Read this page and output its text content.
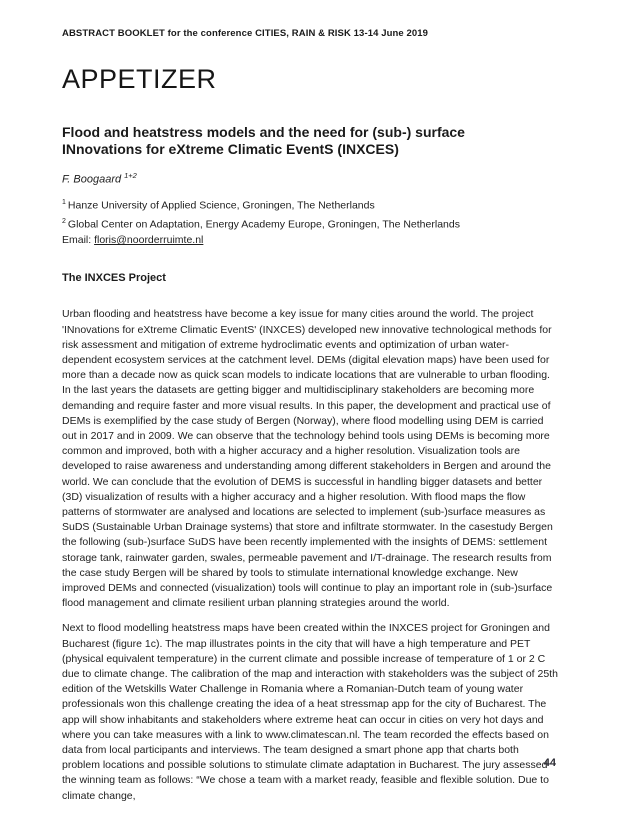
ABSTRACT BOOKLET for the conference CITIES, RAIN & RISK 13-14 June 2019
APPETIZER
Flood and heatstress models and the need for (sub-) surface INnovations for eXtreme Climatic EventS (INXCES)

F. Boogaard $^{1+2}$

$^1$ Hanze University of Applied Science, Groningen, The Netherlands

$^2$ Global Center on Adaptation, Energy Academy Europe, Groningen, The Netherlands

Email: floris@noorderruimte.nl

The INXCES Project

Urban flooding and heatstress have become a key issue for many cities around the world. The project 'INnovations for eXtreme Climatic EventS' (INXCES) developed new innovative technological methods for risk assessment and mitigation of extreme hydroclimatic events and optimization of urban water-dependent ecosystem services at the catchment level. DEMs (digital elevation maps) have been used for more than a decade now as quick scan models to indicate locations that are vulnerable to urban flooding. In the last years the datasets are getting bigger and multidisciplinary stakeholders are becoming more demanding and require faster and more visual results. In this paper, the development and practical use of DEMs is exemplified by the case study of Bergen (Norway), where flood modelling using DEM is carried out in 2017 and in 2009. We can observe that the technology behind tools using DEMs is becoming more common and improved, both with a higher accuracy and a higher resolution. Visualization tools are developed to raise awareness and understanding among different stakeholders in Bergen and around the world. We can conclude that the evolution of DEMS is successful in handling bigger datasets and better (3D) visualization of results with a higher accuracy and a higher resolution. With flood maps the flow patterns of stormwater are analysed and locations are selected to implement (sub-)surface measures as SuDS (Sustainable Urban Drainage systems) that store and infiltrate stormwater. In the casestudy Bergen the following (sub-)surface SuDS have been recently implemented with the insights of DEMS: settlement storage tank, rainwater garden, swales, permeable pavement and I/T-drainage. The research results from the case study Bergen will be shared by tools to stimulate international knowledge exchange. New improved DEMs and connected (visualization) tools will continue to play an important role in (sub-)surface flood management and climate resilient urban planning strategies around the world.

Next to flood modelling heatstress maps have been created within the INXCES project for Groningen and Bucharest (figure 1c). The map illustrates points in the city that will have a high temperature and PET (physical equivalent temperature) in the current climate and possible increase of temperature of 1 or 2 C due to climate change. The calibration of the map and interaction with stakeholders was the subject of 25th edition of the Wetskills Water Challenge in Romania where a Romanian-Dutch team of young water professionals won this challenge creating the idea of a heat stressmap app for the city of Bucharest. The app will show inhabitants and stakeholders where extreme heat can occur in cities on very hot days and where you can take measures with a link to www.climatescan.nl. The team recorded the effects based on data from local participants and interviews. The team designed a smart phone app that charts both problem locations and possible solutions to stimulate climate adaptation in Bucharest. The jury assessed the winning team as follows: “We chose a team with a market ready, feasible and flexible solution. Due to climate change,

44
